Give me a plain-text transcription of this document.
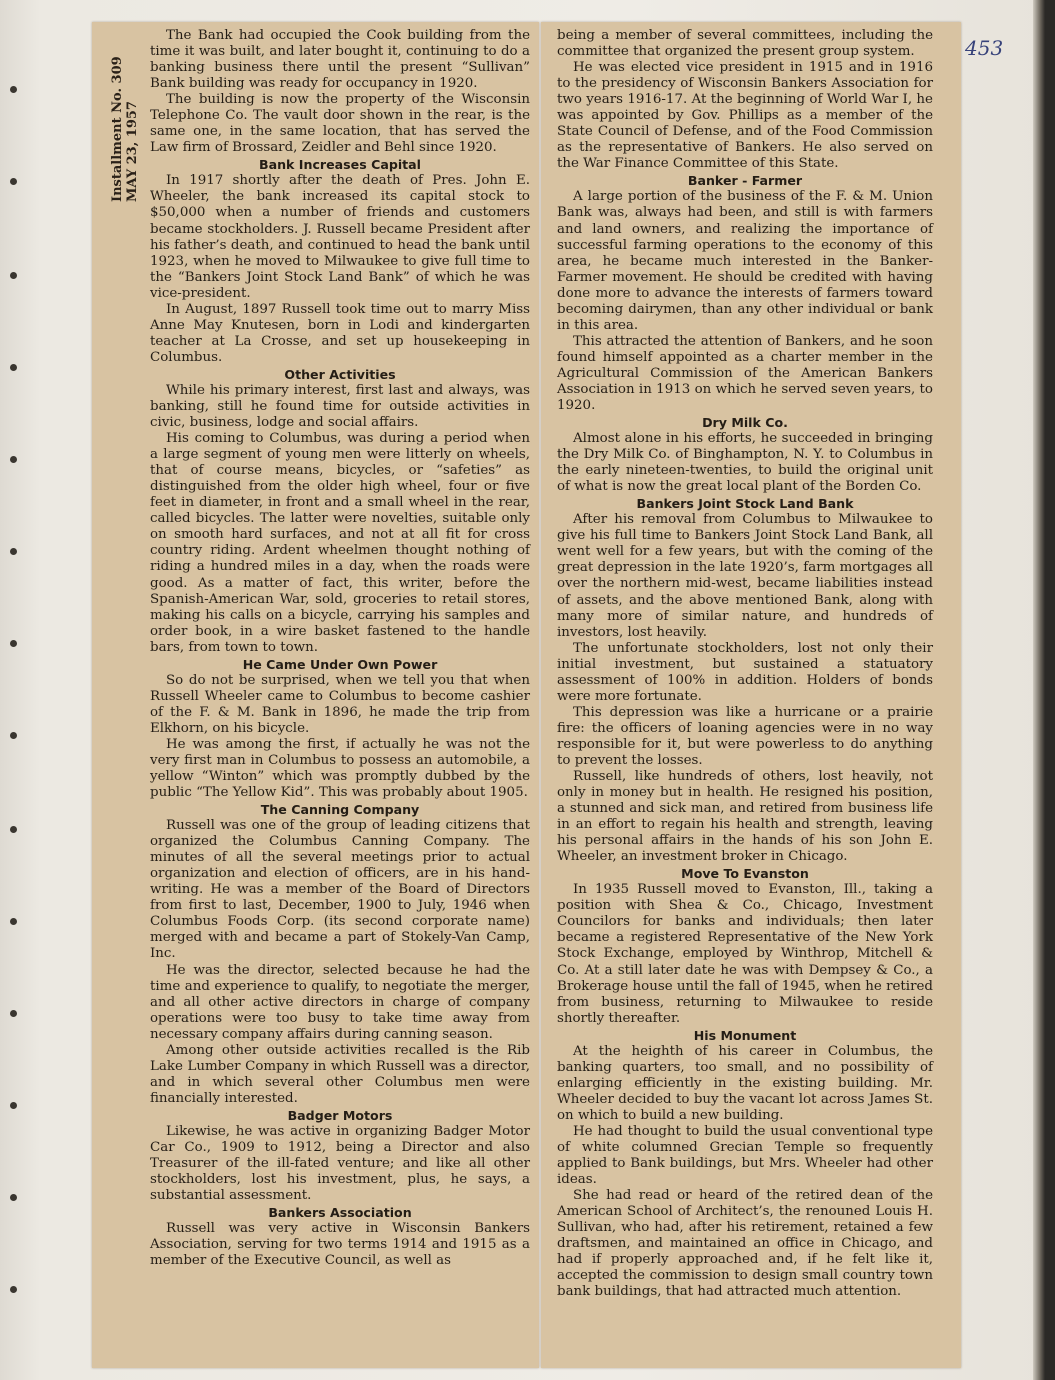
453
Installment No. 309 MAY 23, 1957

The Bank had occupied the Cook building from the time it was built, and later bought it, continuing to do a banking business there until the present “Sullivan” Bank building was ready for occupancy in 1920.

The building is now the property of the Wisconsin Telephone Co. The vault door shown in the rear, is the same one, in the same location, that has served the Law firm of Brossard, Zeidler and Behl since 1920.

Bank Increases Capital

In 1917 shortly after the death of Pres. John E. Wheeler, the bank increased its capital stock to $50,000 when a number of friends and customers became stockholders. J. Russell became President after his father’s death, and continued to head the bank until 1923, when he moved to Milwaukee to give full time to the “Bankers Joint Stock Land Bank” of which he was vice-president.

In August, 1897 Russell took time out to marry Miss Anne May Knutesen, born in Lodi and kindergarten teacher at La Crosse, and set up housekeeping in Columbus.

Other Activities

While his primary interest, first last and always, was banking, still he found time for outside activities in civic, business, lodge and social affairs.

His coming to Columbus, was during a period when a large segment of young men were litterly on wheels, that of course means, bicycles, or “safeties” as distinguished from the older high wheel, four or five feet in diameter, in front and a small wheel in the rear, called bicycles. The latter were novelties, suitable only on smooth hard surfaces, and not at all fit for cross country riding. Ardent wheelmen thought nothing of riding a hundred miles in a day, when the roads were good. As a matter of fact, this writer, before the Spanish-American War, sold, groceries to retail stores, making his calls on a bicycle, carrying his samples and order book, in a wire basket fastened to the handle bars, from town to town.

He Came Under Own Power

So do not be surprised, when we tell you that when Russell Wheeler came to Columbus to become cashier of the F. & M. Bank in 1896, he made the trip from Elkhorn, on his bicycle.

He was among the first, if actually he was not the very first man in Columbus to possess an automobile, a yellow “Winton” which was promptly dubbed by the public “The Yellow Kid”. This was probably about 1905.

The Canning Company

Russell was one of the group of leading citizens that organized the Columbus Canning Company. The minutes of all the several meetings prior to actual organization and election of officers, are in his hand-writing. He was a member of the Board of Directors from first to last, December, 1900 to July, 1946 when Columbus Foods Corp. (its second corporate name) merged with and became a part of Stokely-Van Camp, Inc.

He was the director, selected because he had the time and experience to qualify, to negotiate the merger, and all other active directors in charge of company operations were too busy to take time away from necessary company affairs during canning season.

Among other outside activities recalled is the Rib Lake Lumber Company in which Russell was a director, and in which several other Columbus men were financially interested.

Badger Motors

Likewise, he was active in organizing Badger Motor Car Co., 1909 to 1912, being a Director and also Treasurer of the ill-fated venture; and like all other stockholders, lost his investment, plus, he says, a substantial assessment.

Bankers Association

Russell was very active in Wisconsin Bankers Association, serving for two terms 1914 and 1915 as a member of the Executive Council, as well as

being a member of several committees, including the committee that organized the present group system.

He was elected vice president in 1915 and in 1916 to the presidency of Wisconsin Bankers Association for two years 1916-17. At the beginning of World War I, he was appointed by Gov. Phillips as a member of the State Council of Defense, and of the Food Commission as the representative of Bankers. He also served on the War Finance Committee of this State.

Banker - Farmer

A large portion of the business of the F. & M. Union Bank was, always had been, and still is with farmers and land owners, and realizing the importance of successful farming operations to the economy of this area, he became much interested in the Banker-Farmer movement. He should be credited with having done more to advance the interests of farmers toward becoming dairymen, than any other individual or bank in this area.

This attracted the attention of Bankers, and he soon found himself appointed as a charter member in the Agricultural Commission of the American Bankers Association in 1913 on which he served seven years, to 1920.

Dry Milk Co.

Almost alone in his efforts, he succeeded in bringing the Dry Milk Co. of Binghampton, N. Y. to Columbus in the early nineteen-twenties, to build the original unit of what is now the great local plant of the Borden Co.

Bankers Joint Stock Land Bank

After his removal from Columbus to Milwaukee to give his full time to Bankers Joint Stock Land Bank, all went well for a few years, but with the coming of the great depression in the late 1920’s, farm mortgages all over the northern mid-west, became liabilities instead of assets, and the above mentioned Bank, along with many more of similar nature, and hundreds of investors, lost heavily.

The unfortunate stockholders, lost not only their initial investment, but sustained a statuatory assessment of 100% in addition. Holders of bonds were more fortunate.

This depression was like a hurricane or a prairie fire: the officers of loaning agencies were in no way responsible for it, but were powerless to do anything to prevent the losses.

Russell, like hundreds of others, lost heavily, not only in money but in health. He resigned his position, a stunned and sick man, and retired from business life in an effort to regain his health and strength, leaving his personal affairs in the hands of his son John E. Wheeler, an investment broker in Chicago.

Move To Evanston

In 1935 Russell moved to Evanston, Ill., taking a position with Shea & Co., Chicago, Investment Councilors for banks and individuals; then later became a registered Representative of the New York Stock Exchange, employed by Winthrop, Mitchell & Co. At a still later date he was with Dempsey & Co., a Brokerage house until the fall of 1945, when he retired from business, returning to Milwaukee to reside shortly thereafter.

His Monument

At the heighth of his career in Columbus, the banking quarters, too small, and no possibility of enlarging efficiently in the existing building. Mr. Wheeler decided to buy the vacant lot across James St. on which to build a new building.

He had thought to build the usual conventional type of white columned Grecian Temple so frequently applied to Bank buildings, but Mrs. Wheeler had other ideas.

She had read or heard of the retired dean of the American School of Architect’s, the renouned Louis H. Sullivan, who had, after his retirement, retained a few draftsmen, and maintained an office in Chicago, and had if properly approached and, if he felt like it, accepted the commission to design small country town bank buildings, that had attracted much attention.
